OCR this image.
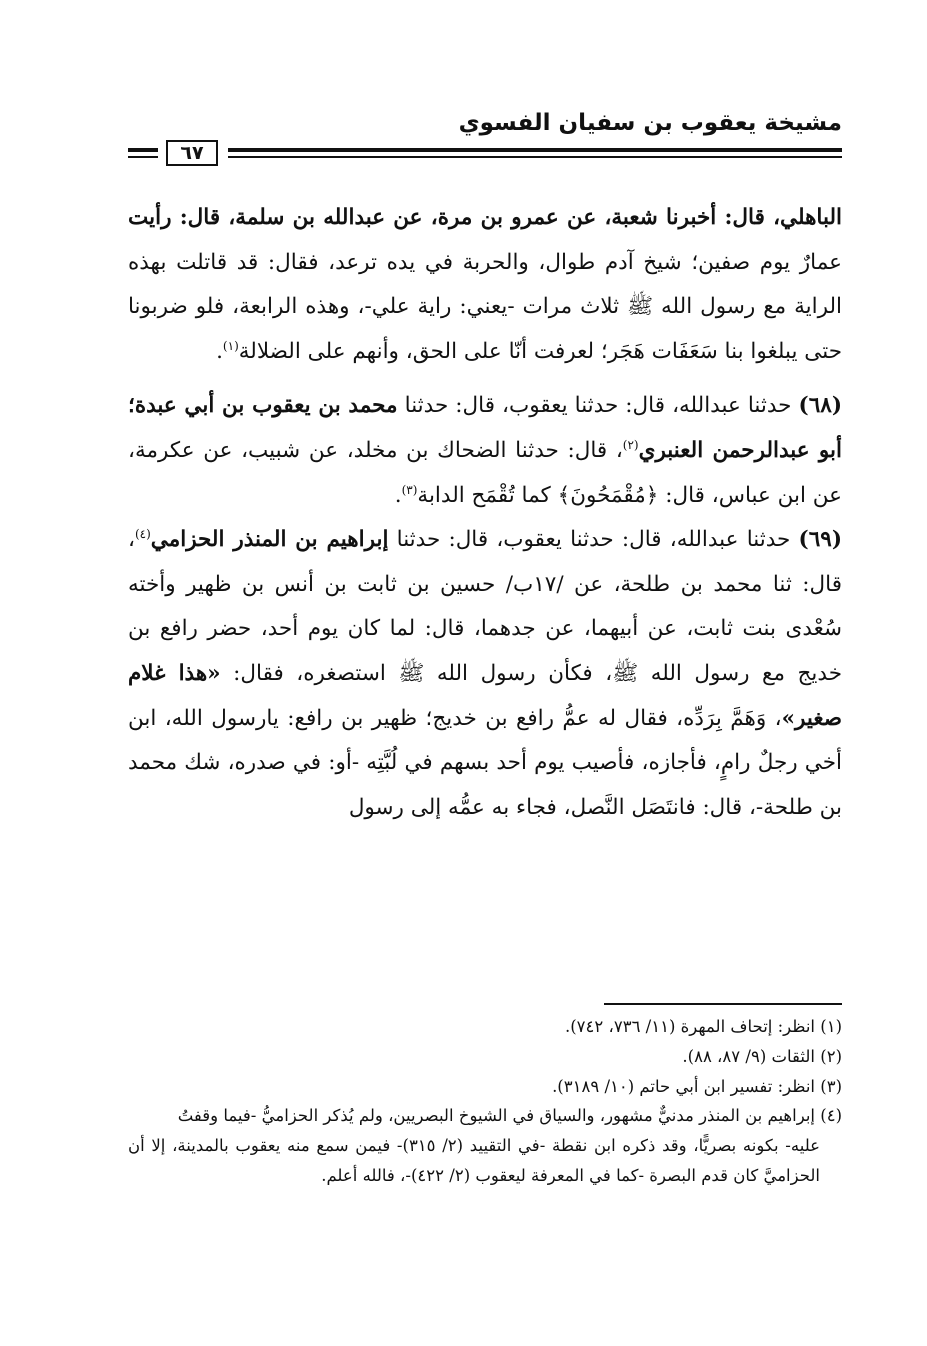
مشيخة يعقوب بن سفيان الفسوي
٦٧

الباهلي، قال: أخبرنا شعبة، عن عمرو بن مرة، عن عبدالله بن سلمة، قال: رأيت عمارٌ يوم صفين؛ شيخ آدم طوال، والحربة في يده ترعد، فقال: قد قاتلت بهذه الراية مع رسول الله ﷺ ثلاث مرات -يعني: راية علي-، وهذه الرابعة، فلو ضربونا حتى يبلغوا بنا سَعَفَات هَجَر؛ لعرفت أنّا على الحق، وأنهم على الضلالة$^{(١)}$.

(٦٨) حدثنا عبدالله، قال: حدثنا يعقوب، قال: حدثنا محمد بن يعقوب بن أبي عبدة؛ أبو عبدالرحمن العنبري$^{(٢)}$، قال: حدثنا الضحاك بن مخلد، عن شبيب، عن عكرمة، عن ابن عباس، قال: ﴿مُقْمَحُونَ﴾ كما تُقْمَح الدابة$^{(٣)}$.

(٦٩) حدثنا عبدالله، قال: حدثنا يعقوب، قال: حدثنا إبراهيم بن المنذر الحزامي$^{(٤)}$، قال: ثنا محمد بن طلحة، عن /١٧ب/ حسين بن ثابت بن أنس بن ظهير وأخته سُعْدى بنت ثابت، عن أبيهما، عن جدهما، قال: لما كان يوم أحد، حضر رافع بن خديج مع رسول الله ﷺ، فكأن رسول الله ﷺ استصغره، فقال: «هذا غلام صغير»، وَهَمَّ بِرَدِّه، فقال له عمُّ رافع بن خديج؛ ظهير بن رافع: يارسول الله، ابن أخي رجلٌ رامٍ، فأجازه، فأصيب يوم أحد بسهم في لُبَّتِه -أو: في صدره، شك محمد بن طلحة-، قال: فانتَصَل النَّصل، فجاء به عمُّه إلى رسول

(١) انظر: إتحاف المهرة (١١/ ٧٣٦، ٧٤٢).

(٢) الثقات (٩/ ٨٧، ٨٨).

(٣) انظر: تفسير ابن أبي حاتم (١٠/ ٣١٨٩).

(٤) إبراهيم بن المنذر مدنيٌّ مشهور، والسياق في الشيوخ البصريين، ولم يُذكر الحزاميُّ -فيما وقفتُ

عليه- بكونه بصريًّا، وقد ذكره ابن نقطة -في التقييد (٢/ ٣١٥)- فيمن سمع منه يعقوب بالمدينة، إلا أن الحزاميَّ كان قدم البصرة -كما في المعرفة ليعقوب (٢/ ٤٢٢)-، فالله أعلم.
